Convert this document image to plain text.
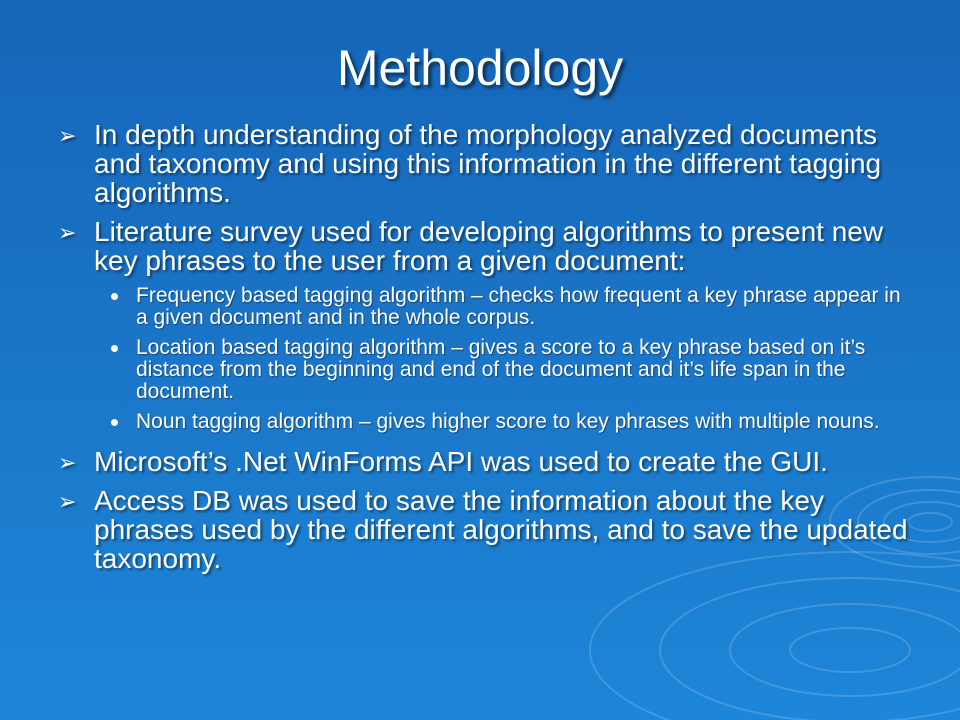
Methodology
➢ In depth understanding of the morphology analyzed documents and taxonomy and using this information in the different tagging algorithms.
➢ Literature survey used for developing algorithms to present new key phrases to the user from a given document:
Frequency based tagging algorithm – checks how frequent a key phrase appear in a given document and in the whole corpus.
Location based tagging algorithm – gives a score to a key phrase based on it’s distance from the beginning and end of the document and it’s life span in the document.
Noun tagging algorithm – gives higher score to key phrases with multiple nouns.
➢ Microsoft’s .Net WinForms API was used to create the GUI.
➢ Access DB was used to save the information about the key phrases used by the different algorithms, and to save the updated taxonomy.
